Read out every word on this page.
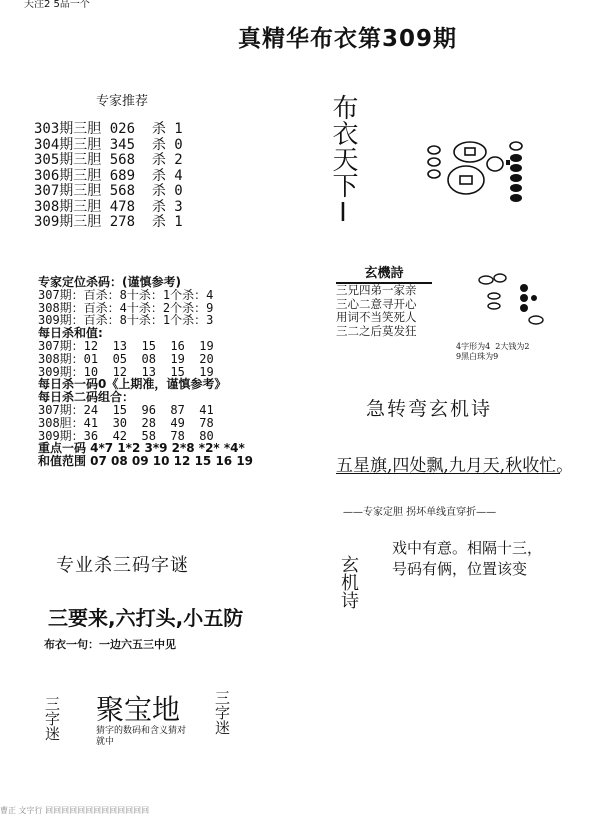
天注2 5品一个
真精华布衣第309期
专家推荐
303期三胆 026  杀 1
304期三胆 345  杀 0
305期三胆 568  杀 2
306期三胆 689  杀 4
307期三胆 568  杀 0
308期三胆 478  杀 3
309期三胆 278  杀 1
专家定位杀码：(谨慎参考)
307期：百杀：8十杀：1个杀：4
308期：百杀：4十杀：2个杀：9
309期：百杀：8十杀：1个杀：3
每日杀和值:
307期：12  13  15  16  19
308期：01  05  08  19  20
309期：10  12  13  15  19
每日杀一码0《上期准，谨慎参考》
每日杀二码组合：
307期：24  15  96  87  41
308胆：41  30  28  49  78
309期：36  42  58  78  80
重点一码 4*7 1*2 3*9 2*8 *2* *4*
和值范围 07 08 09 10 12 15 16 19
专业杀三码字谜
三要来,六打头,小五防
布衣一句：一边六五三中见
三字迷 聚宝地
猜字的数码和含义猜对就中
三字迷
布衣天下I
玄機詩
三兄四弟一家亲
三心二意寻开心
用词不当笑死人
三二之后莫发狂
4字形为4  2大钱为2
9黑白珠为9
急转弯玄机诗
五星旗,四处飘,九月天,秋收忙。
——专家定胆 拐坏单线直穿折——
玄机诗
戏中有意。相隔十三，
号码有俩，位置该变
曹正 文字行 回回回回回回回回回回回回回
